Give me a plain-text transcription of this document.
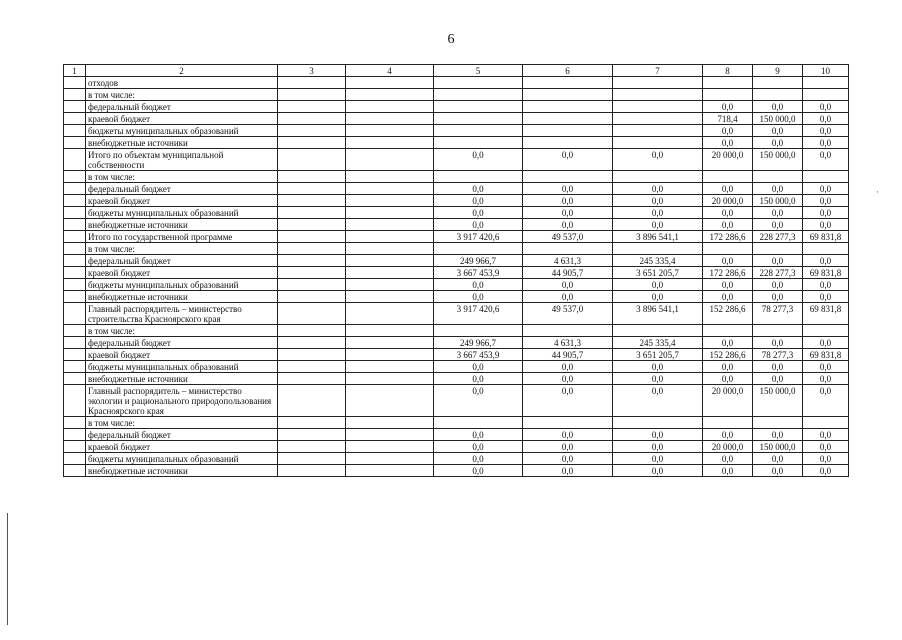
6
1	2	3	4	5	6	7	8	9	10
	отходов								
	в том числе:								
	федеральный бюджет						0,0	0,0	0,0
	краевой бюджет						718,4	150 000,0	0,0
	бюджеты муниципальных образований						0,0	0,0	0,0
	внебюджетные источники						0,0	0,0	0,0
	Итого по объектам муниципальной собственности			0,0	0,0	0,0	20 000,0	150 000,0	0,0
	в том числе:								
	федеральный бюджет			0,0	0,0	0,0	0,0	0,0	0,0
	краевой бюджет			0,0	0,0	0,0	20 000,0	150 000,0	0,0
	бюджеты муниципальных образований			0,0	0,0	0,0	0,0	0,0	0,0
	внебюджетные источники			0,0	0,0	0,0	0,0	0,0	0,0
	Итого по государственной программе			3 917 420,6	49 537,0	3 896 541,1	172 286,6	228 277,3	69 831,8
	в том числе:								
	федеральный бюджет			249 966,7	4 631,3	245 335,4	0,0	0,0	0,0
	краевой бюджет			3 667 453,9	44 905,7	3 651 205,7	172 286,6	228 277,3	69 831,8
	бюджеты муниципальных образований			0,0	0,0	0,0	0,0	0,0	0,0
	внебюджетные источники			0,0	0,0	0,0	0,0	0,0	0,0
	Главный распорядитель – министерство строительства Красноярского края			3 917 420,6	49 537,0	3 896 541,1	152 286,6	78 277,3	69 831,8
	в том числе:								
	федеральный бюджет			249 966,7	4 631,3	245 335,4	0,0	0,0	0,0
	краевой бюджет			3 667 453,9	44 905,7	3 651 205,7	152 286,6	78 277,3	69 831,8
	бюджеты муниципальных образований			0,0	0,0	0,0	0,0	0,0	0,0
	внебюджетные источники			0,0	0,0	0,0	0,0	0,0	0,0
	Главный распорядитель – министерство экологии и рационального природопользования Красноярского края			0,0	0,0	0,0	20 000,0	150 000,0	0,0
	в том числе:								
	федеральный бюджет			0,0	0,0	0,0	0,0	0,0	0,0
	краевой бюджет			0,0	0,0	0,0	20 000,0	150 000,0	0,0
	бюджеты муниципальных образований			0,0	0,0	0,0	0,0	0,0	0,0
	внебюджетные источники			0,0	0,0	0,0	0,0	0,0	0,0
·
